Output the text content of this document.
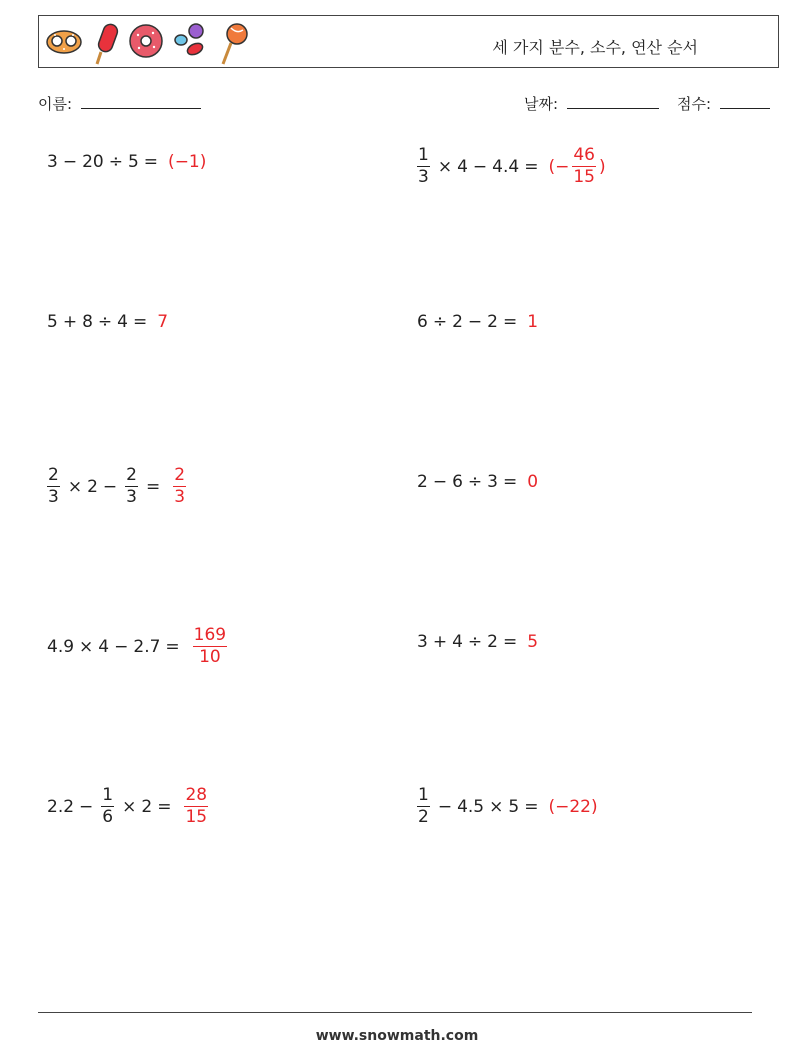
세 가지 분수, 소수, 연산 순서
이름:	날짜:	점수:
3 − 20 ÷ 5 = ( −1 )	$\frac{1}{3} \times 4 - 4.4$ = ( − $\frac{46}{15}$ )
5 + 8 ÷ 4 = 7	6 ÷ 2 − 2 = 1
$\frac{2}{3} \times 2 - \frac{2}{3} = \frac{2}{3}$	2 − 6 ÷ 3 = 0
$4.9 \times 4 - 2.7 = \frac{169}{10}$	3 + 4 ÷ 2 = 5
$2.2 - \frac{1}{6} \times 2 = \frac{28}{15}$	$\frac{1}{2} - 4.5 \times 5$ = ( −22 )
www.snowmath.com
